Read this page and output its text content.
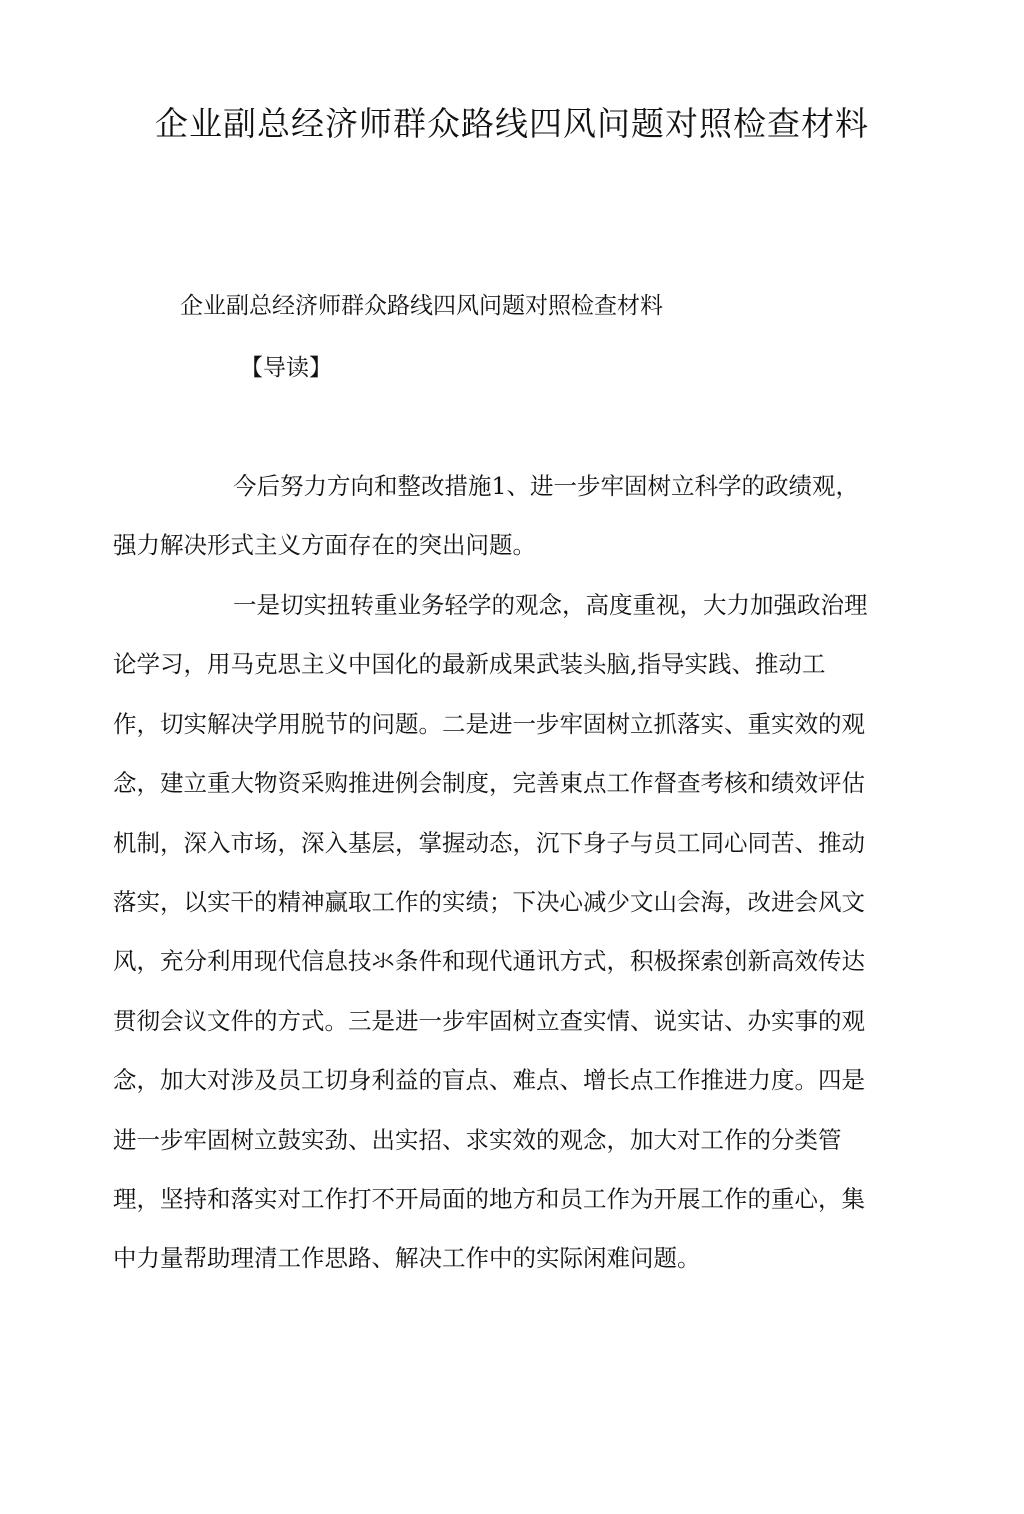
企业副总经济师群众路线四风问题对照检查材料

企业副总经济师群众路线四风问题对照检查材料

【导读】

今后努力方向和整改措施1、进一步牢固树立科学的政绩观，强力解决形式主义方面存在的突出问题。

一是切实扭转重业务轻学的观念，高度重视，大力加强政治理论学习，用马克思主义中国化的最新成果武装头脑,指导实践、推动工作，切实解决学用脱节的问题。二是进一步牢固树立抓落实、重实效的观念，建立重大物资采购推进例会制度，完善東点工作督查考核和绩效评估机制，深入市场，深入基层，掌握动态，沉下身子与员工同心同苦、推动落实，以实干的精神赢取工作的实绩；下决心减少文山会海，改进会风文风，充分利用现代信息技氺条件和现代通讯方式，积极探索创新高效传达贯彻会议文件的方式。三是进一步牢固树立查实情、说实诂、办实事的观念，加大对涉及员工切身利益的盲点、难点、增长点工作推进力度。四是进一步牢固树立鼓实劲、出实招、求实效的观念，加大对工作的分类管理，坚持和落实对工作打不开局面的地方和员工作为开展工作的重心，集中力量帮助理清工作思路、解决工作中的实际闲难问题。
